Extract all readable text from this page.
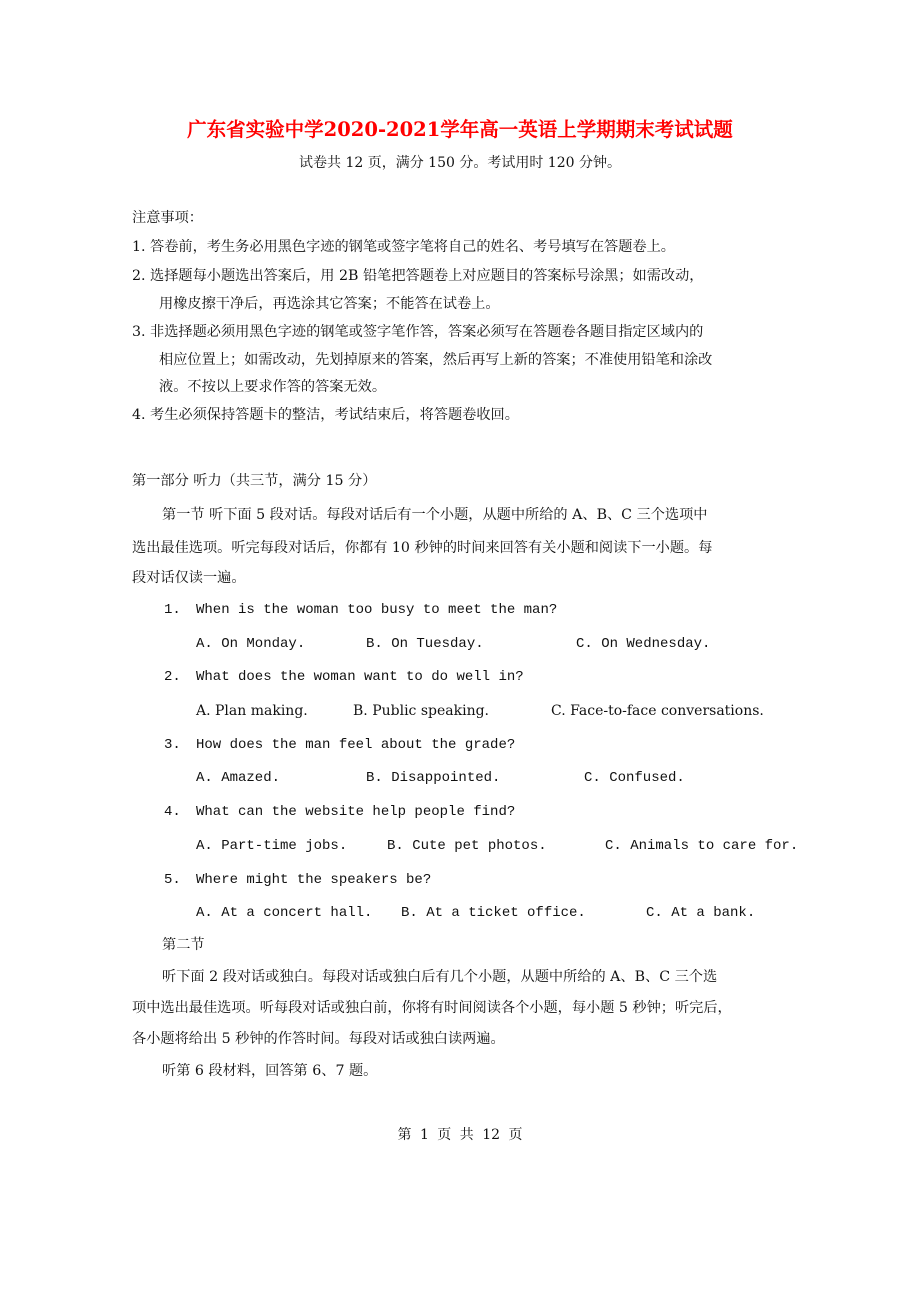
广东省实验中学2020-2021学年高一英语上学期期末考试试题
试卷共 12 页，满分 150 分。考试用时 120 分钟。
注意事项：
1. 答卷前，考生务必用黑色字迹的钢笔或签字笔将自己的姓名、考号填写在答题卷上。
2. 选择题每小题选出答案后，用 2B 铅笔把答题卷上对应题目的答案标号涂黑；如需改动，
用橡皮擦干净后，再选涂其它答案；不能答在试卷上。
3. 非选择题必须用黑色字迹的钢笔或签字笔作答，答案必须写在答题卷各题目指定区域内的
相应位置上；如需改动，先划掉原来的答案，然后再写上新的答案；不准使用铅笔和涂改
液。不按以上要求作答的答案无效。
4. 考生必须保持答题卡的整洁，考试结束后，将答题卷收回。
第一部分 听力（共三节，满分 15 分）
第一节 听下面 5 段对话。每段对话后有一个小题，从题中所给的 A、B、C 三个选项中
选出最佳选项。听完每段对话后，你都有 10 秒钟的时间来回答有关小题和阅读下一小题。每
段对话仅读一遍。
1. When is the woman too busy to meet the man?
A. On Monday.	B. On Tuesday.	C. On Wednesday.
2. What does the woman want to do well in?
A. Plan making.	B. Public speaking.	C. Face-to-face conversations.
3. How does the man feel about the grade?
A. Amazed.	B. Disappointed.	C. Confused.
4. What can the website help people find?
A. Part-time jobs.	B. Cute pet photos.	C. Animals to care for.
5. Where might the speakers be?
A. At a concert hall. B. At a ticket office.	C. At a bank.
第二节
听下面 2 段对话或独白。每段对话或独白后有几个小题，从题中所给的 A、B、C 三个选
项中选出最佳选项。听每段对话或独白前，你将有时间阅读各个小题，每小题 5 秒钟；听完后，
各小题将给出 5 秒钟的作答时间。每段对话或独白读两遍。
听第 6 段材料，回答第 6、7 题。
第 1 页 共 12 页
